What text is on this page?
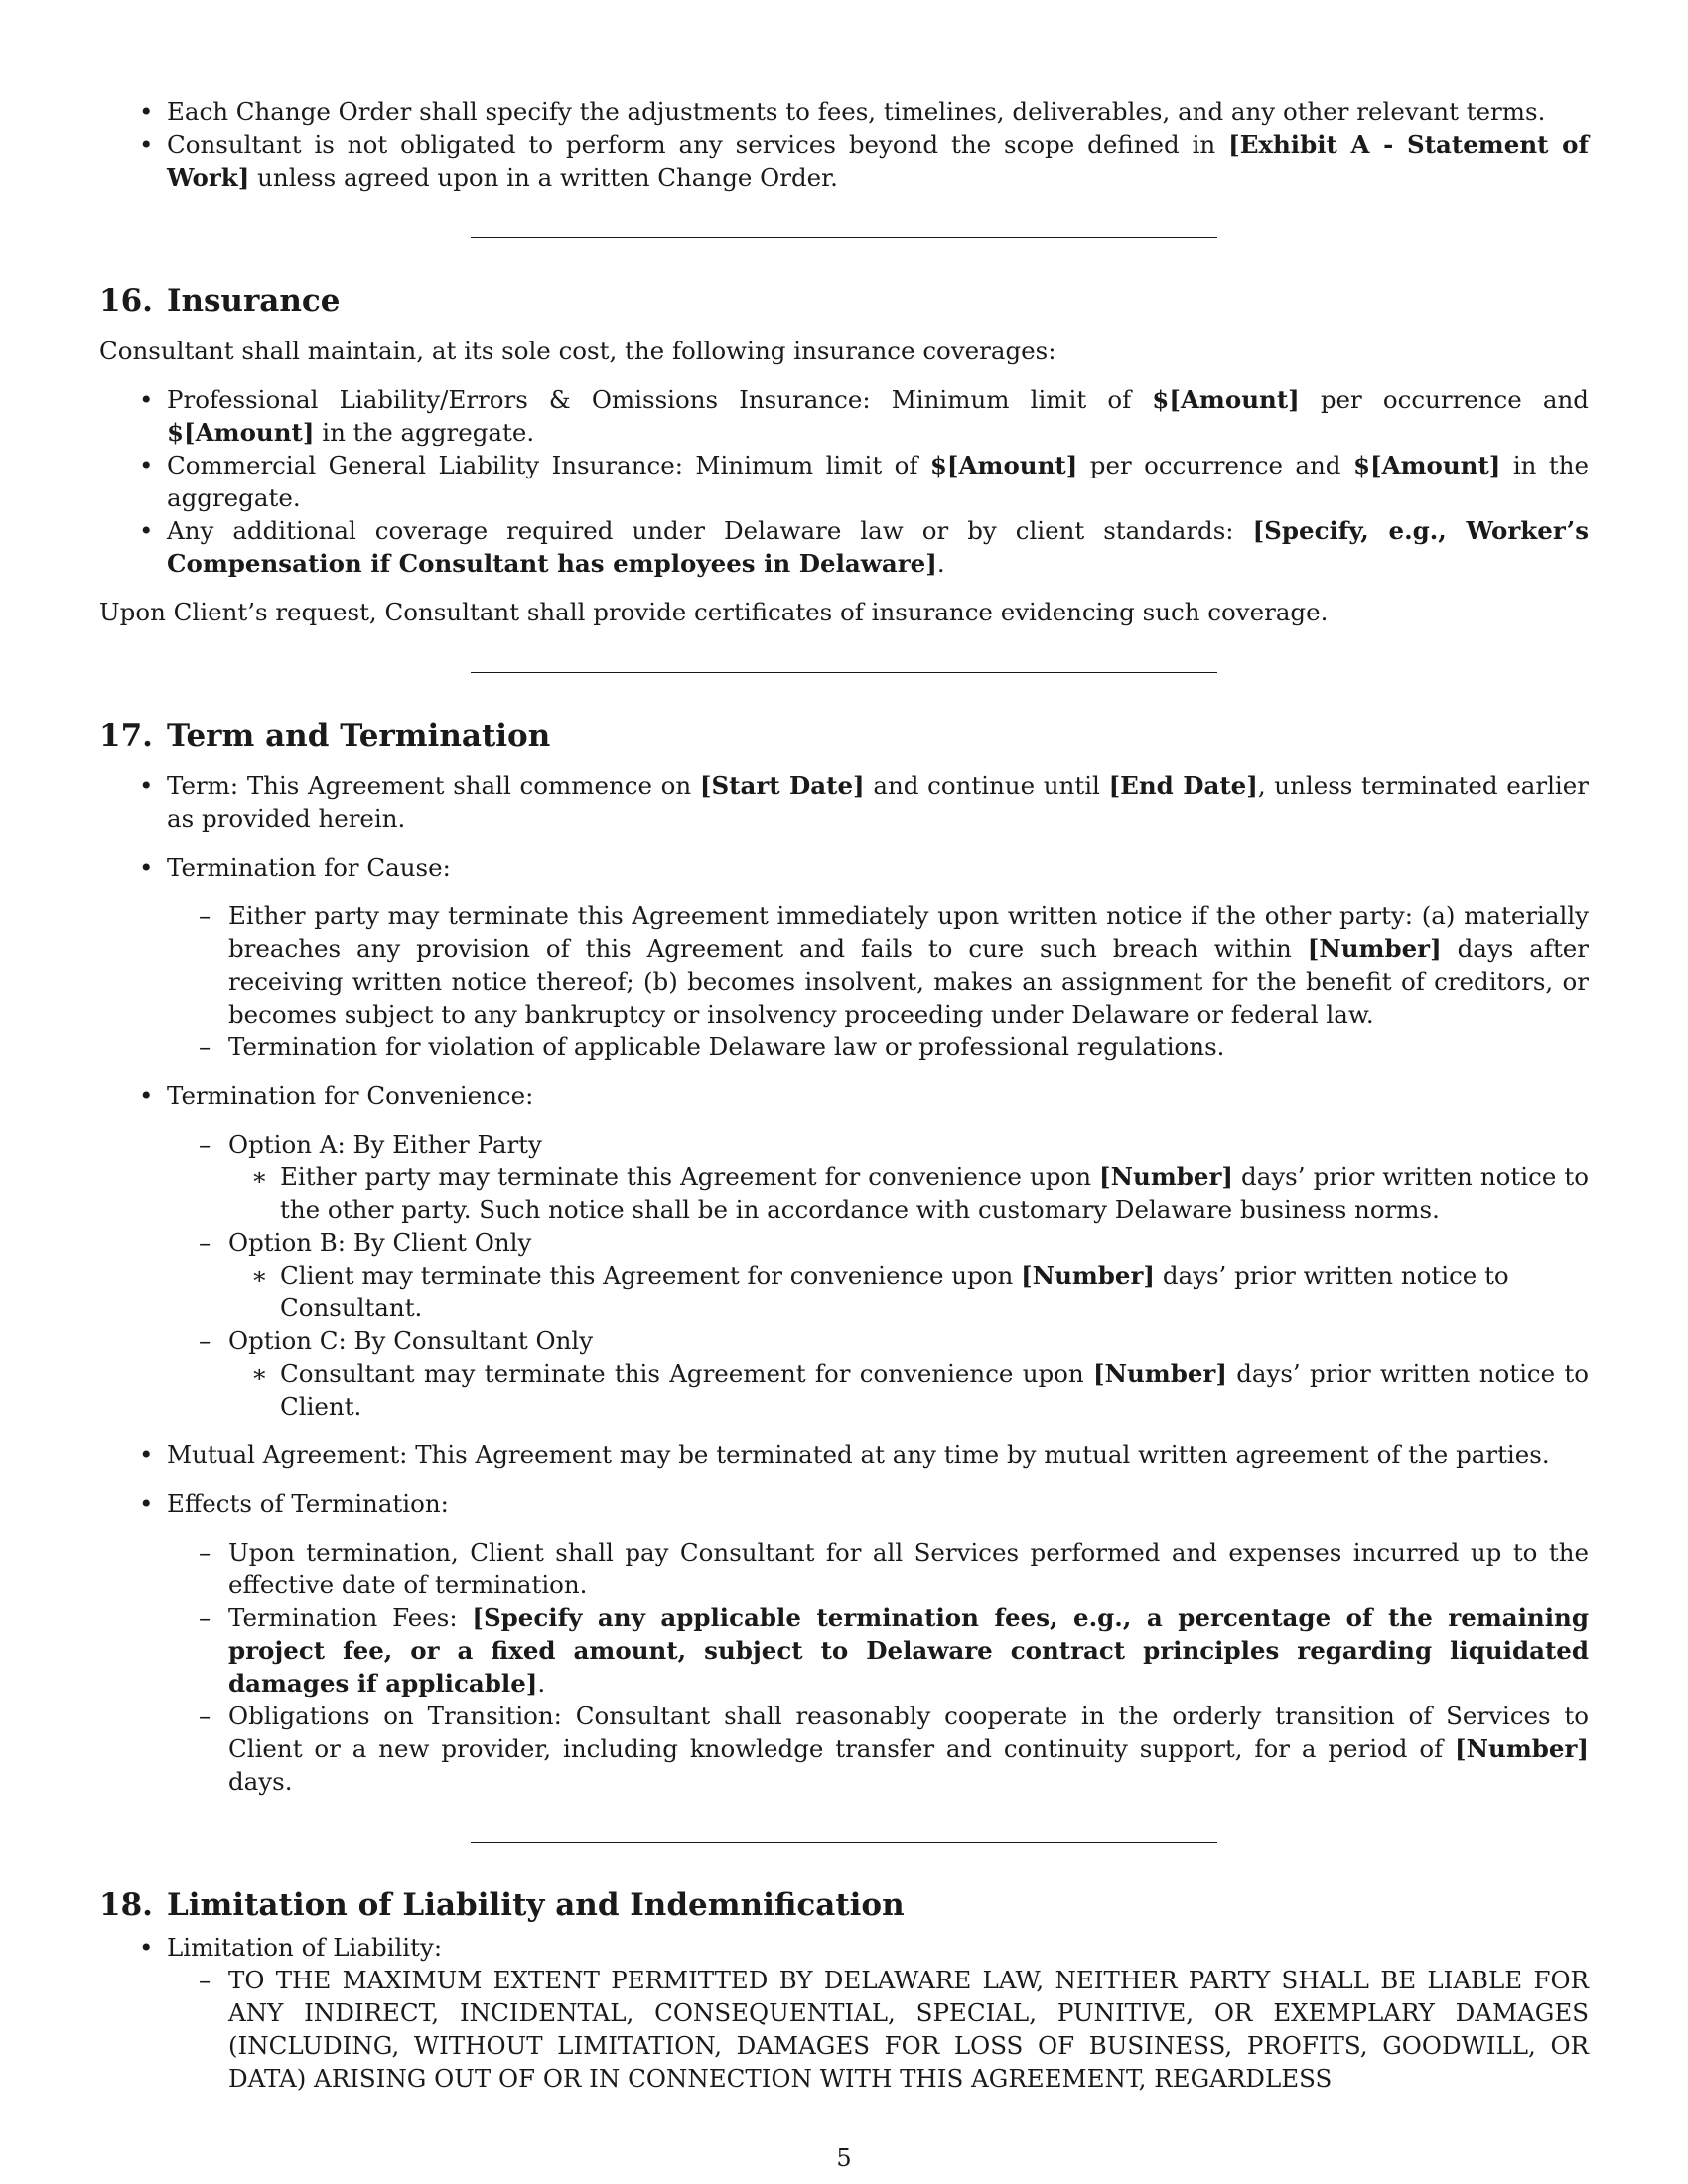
• Each Change Order shall specify the adjustments to fees, timelines, deliverables, and any other relevant terms.
• Consultant is not obligated to perform any services beyond the scope defined in [Exhibit A - Statement of Work] unless agreed upon in a written Change Order.
16. Insurance

Consultant shall maintain, at its sole cost, the following insurance coverages:

• Professional Liability/Errors & Omissions Insurance: Minimum limit of $[Amount] per occurrence and $[Amount] in the aggregate.
• Commercial General Liability Insurance: Minimum limit of $[Amount] per occurrence and $[Amount] in the aggregate.
• Any additional coverage required under Delaware law or by client standards: [Specify, e.g., Worker’s Compensation if Consultant has employees in Delaware].

Upon Client’s request, Consultant shall provide certificates of insurance evidencing such coverage.

17. Term and Termination
• Term: This Agreement shall commence on [Start Date] and continue until [End Date], unless terminated earlier as provided herein.
• Termination for Cause:
– Either party may terminate this Agreement immediately upon written notice if the other party: (a) materially breaches any provision of this Agreement and fails to cure such breach within [Number] days after receiving written notice thereof; (b) becomes insolvent, makes an assignment for the benefit of creditors, or becomes subject to any bankruptcy or insolvency proceeding under Delaware or federal law.
– Termination for violation of applicable Delaware law or professional regulations.
• Termination for Convenience:
– Option A: By Either Party
∗ Either party may terminate this Agreement for convenience upon [Number] days’ prior written notice to the other party. Such notice shall be in accordance with customary Delaware business norms.
– Option B: By Client Only
∗ Client may terminate this Agreement for convenience upon [Number] days’ prior written notice to Consultant.
– Option C: By Consultant Only
∗ Consultant may terminate this Agreement for convenience upon [Number] days’ prior written notice to Client.
• Mutual Agreement: This Agreement may be terminated at any time by mutual written agreement of the parties.
• Effects of Termination:
– Upon termination, Client shall pay Consultant for all Services performed and expenses incurred up to the effective date of termination.
– Termination Fees: [Specify any applicable termination fees, e.g., a percentage of the remaining project fee, or a fixed amount, subject to Delaware contract principles regarding liquidated damages if applicable].
– Obligations on Transition: Consultant shall reasonably cooperate in the orderly transition of Services to Client or a new provider, including knowledge transfer and continuity support, for a period of [Number] days.
18. Limitation of Liability and Indemnification
• Limitation of Liability:
– TO THE MAXIMUM EXTENT PERMITTED BY DELAWARE LAW, NEITHER PARTY SHALL BE LIABLE FOR ANY INDIRECT, INCIDENTAL, CONSEQUENTIAL, SPECIAL, PUNITIVE, OR EXEMPLARY DAMAGES (INCLUDING, WITHOUT LIMITATION, DAMAGES FOR LOSS OF BUSINESS, PROFITS, GOODWILL, OR DATA) ARISING OUT OF OR IN CONNECTION WITH THIS AGREEMENT, REGARDLESS
5
